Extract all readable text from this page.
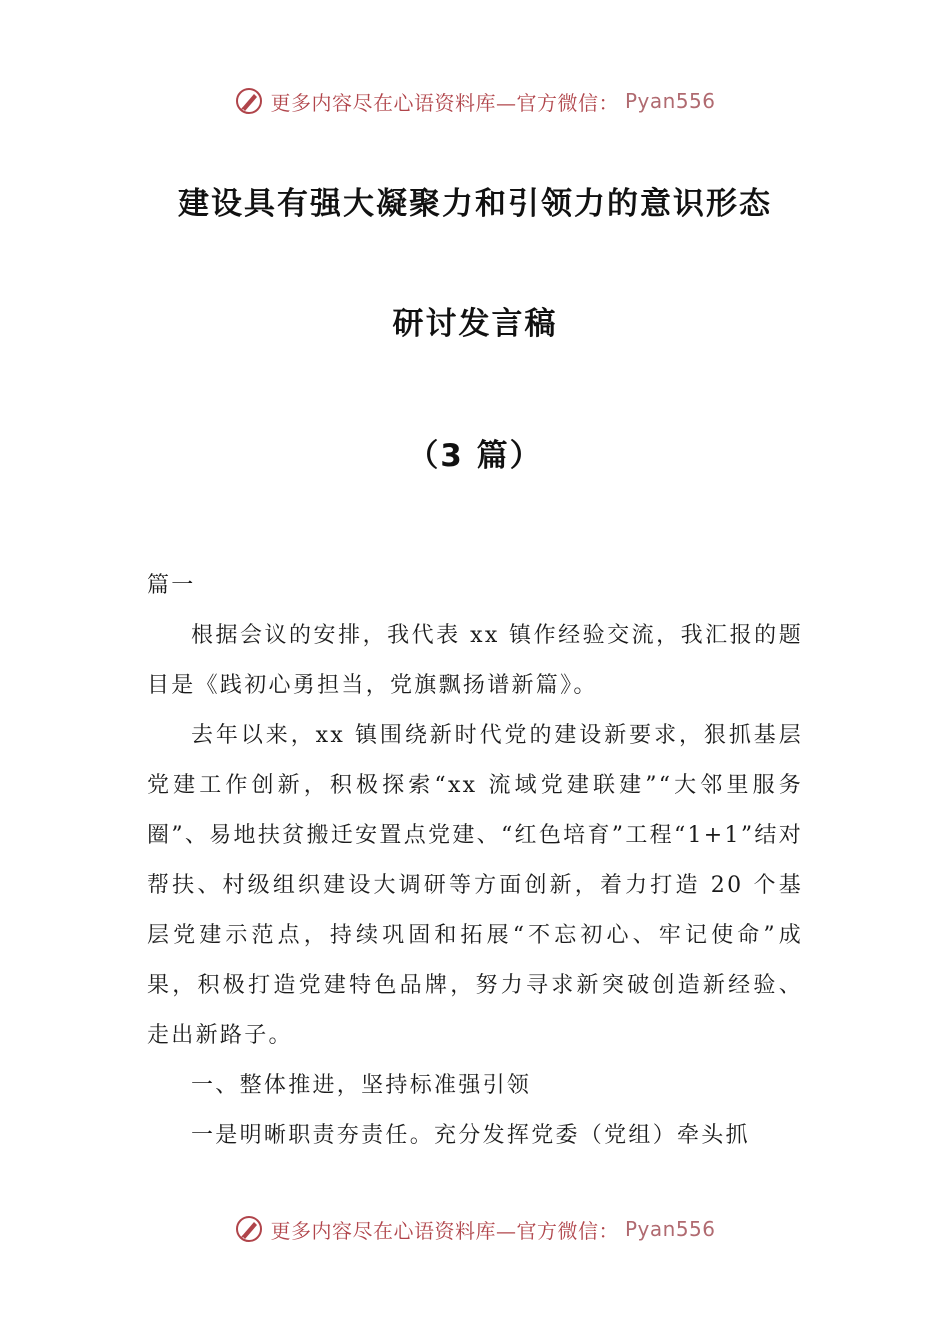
更多内容尽在心语资料库—官方微信： Pyan556
建设具有强大凝聚力和引领力的意识形态
研讨发言稿
（3 篇）

篇一

根据会议的安排，我代表 xx 镇作经验交流，我汇报的题目是《践初心勇担当，党旗飘扬谱新篇》。

去年以来，xx 镇围绕新时代党的建设新要求，狠抓基层党建工作创新，积极探索“xx 流域党建联建”“大邻里服务圈”、易地扶贫搬迁安置点党建、“红色培育”工程“1+1”结对帮扶、村级组织建设大调研等方面创新，着力打造 20 个基层党建示范点，持续巩固和拓展“不忘初心、牢记使命”成果，积极打造党建特色品牌，努力寻求新突破创造新经验、走出新路子。

一、整体推进，坚持标准强引领

一是明晰职责夯责任。充分发挥党委（党组）牵头抓

更多内容尽在心语资料库—官方微信： Pyan556
